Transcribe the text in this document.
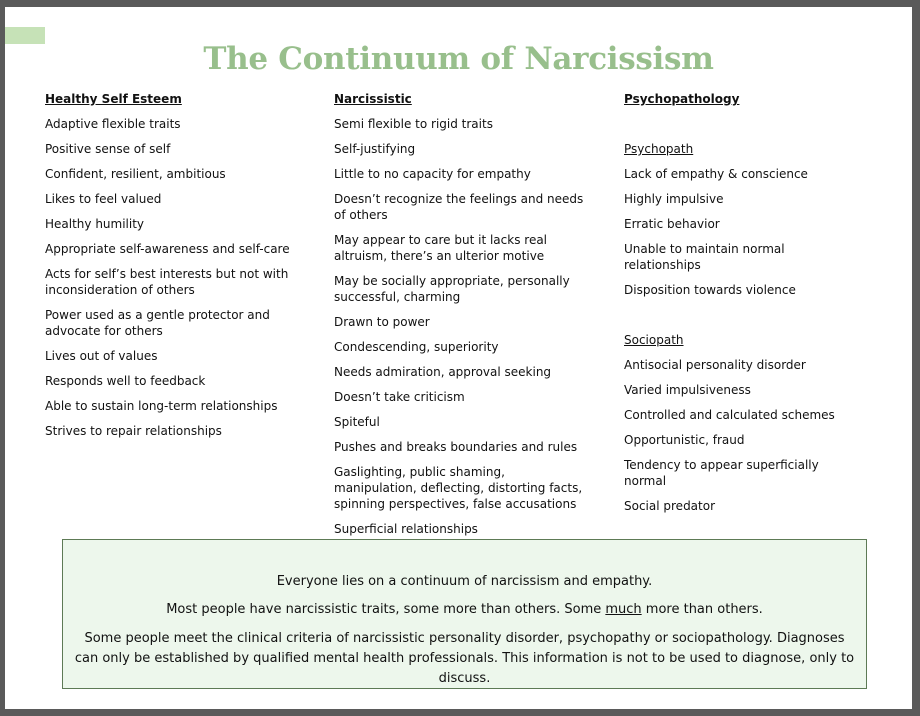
The Continuum of Narcissism
Healthy Self Esteem
Adaptive flexible traits
Positive sense of self
Confident, resilient, ambitious
Likes to feel valued
Healthy humility
Appropriate self-awareness and self-care
Acts for self’s best interests but not with inconsideration of others
Power used as a gentle protector and advocate for others
Lives out of values
Responds well to feedback
Able to sustain long-term relationships
Strives to repair relationships
Narcissistic
Semi flexible to rigid traits
Self-justifying
Little to no capacity for empathy
Doesn’t recognize the feelings and needs of others
May appear to care but it lacks real altruism, there’s an ulterior motive
May be socially appropriate, personally successful, charming
Drawn to power
Condescending, superiority
Needs admiration, approval seeking
Doesn’t take criticism
Spiteful
Pushes and breaks boundaries and rules
Gaslighting, public shaming, manipulation, deflecting, distorting facts, spinning perspectives, false accusations
Superficial relationships
Psychopathology
Psychopath
Lack of empathy & conscience
Highly impulsive
Erratic behavior
Unable to maintain normal relationships
Disposition towards violence
Sociopath
Antisocial personality disorder
Varied impulsiveness
Controlled and calculated schemes
Opportunistic, fraud
Tendency to appear superficially normal
Social predator

Everyone lies on a continuum of narcissism and empathy.

Most people have narcissistic traits, some more than others. Some much more than others.

Some people meet the clinical criteria of narcissistic personality disorder, psychopathy or sociopathology. Diagnoses can only be established by qualified mental health professionals. This information is not to be used to diagnose, only to discuss.
